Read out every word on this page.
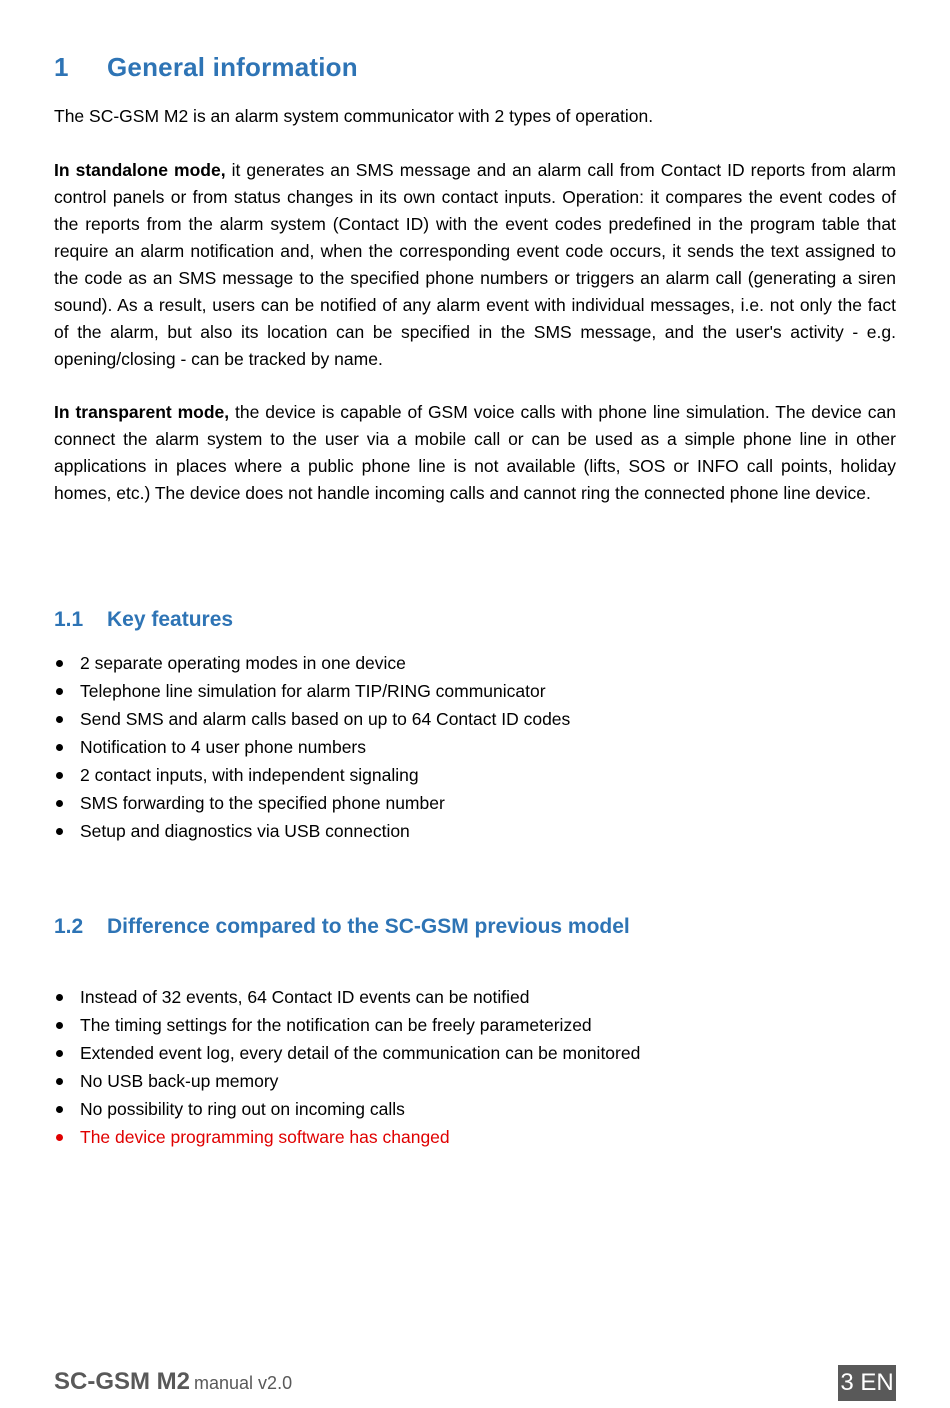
1 General information

The SC-GSM M2 is an alarm system communicator with 2 types of operation.

In standalone mode, it generates an SMS message and an alarm call from Contact ID reports from alarm control panels or from status changes in its own contact inputs. Operation: it compares the event codes of the reports from the alarm system (Contact ID) with the event codes predefined in the program table that require an alarm notification and, when the corresponding event code occurs, it sends the text assigned to the code as an SMS message to the specified phone numbers or triggers an alarm call (generating a siren sound). As a result, users can be notified of any alarm event with individual messages, i.e. not only the fact of the alarm, but also its location can be specified in the SMS message, and the user's activity - e.g. opening/closing - can be tracked by name.

In transparent mode, the device is capable of GSM voice calls with phone line simulation. The device can connect the alarm system to the user via a mobile call or can be used as a simple phone line in other applications in places where a public phone line is not available (lifts, SOS or INFO call points, holiday homes, etc.) The device does not handle incoming calls and cannot ring the connected phone line device.

1.1 Key features
2 separate operating modes in one device
Telephone line simulation for alarm TIP/RING communicator
Send SMS and alarm calls based on up to 64 Contact ID codes
Notification to 4 user phone numbers
2 contact inputs, with independent signaling
SMS forwarding to the specified phone number
Setup and diagnostics via USB connection
1.2 Difference compared to the SC-GSM previous model
Instead of 32 events, 64 Contact ID events can be notified
The timing settings for the notification can be freely parameterized
Extended event log, every detail of the communication can be monitored
No USB back-up memory
No possibility to ring out on incoming calls
The device programming software has changed
SC-GSM M2 manual v2.0	3 EN
